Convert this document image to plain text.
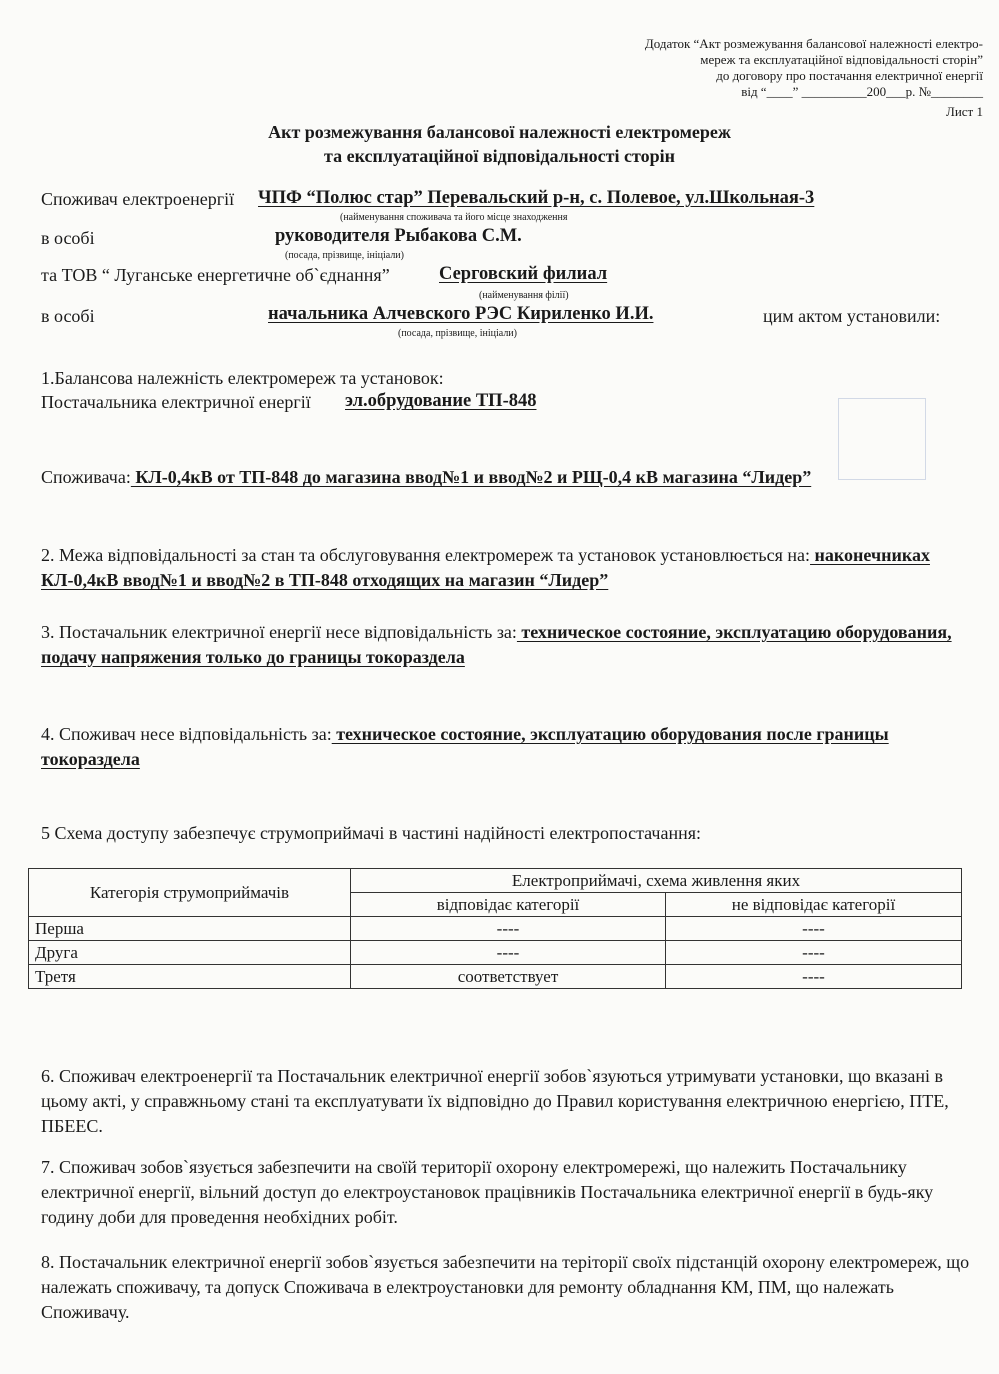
Додаток “Акт розмежування балансової належності електро-
мереж та експлуатаційної відповідальності сторін”
до договору про постачання електричної енергії
від “____” __________200___р. №________
Лист 1
Акт розмежування балансової належності електромереж
та експлуатаційної відповідальності сторін
Споживач електроенергії ЧПФ “Полюс стар” Перевальский р-н, с. Полевое, ул.Школьная-3
(найменування споживача та його місце знаходження
в особі	руководителя Рыбакова С.М.
(посада, прізвище, ініціали)
та ТОВ “ Луганське енергетичне об`єднання”	Серговский филиал
(найменування філії)
в особі	начальника Алчевского РЭС Кириленко И.И.	цим актом установили:
(посада, прізвище, ініціали)
1.Балансова належність електромереж та установок:
Постачальника електричної енергії эл.обрудование ТП-848
Споживача: КЛ-0,4кВ от ТП-848 до магазина ввод№1 и ввод№2 и РЩ-0,4 кВ магазина “Лидер”
2. Межа відповідальності за стан та обслуговування електромереж та установок установлюється на: наконечниках КЛ-0,4кВ ввод№1 и ввод№2 в ТП-848 отходящих на магазин “Лидер”
3. Постачальник електричної енергії несе відповідальність за: техническое состояние, эксплуатацию оборудования, подачу напряжения только до границы токораздела
4. Споживач несе відповідальність за: техническое состояние, эксплуатацию оборудования после границы токораздела
5 Схема доступу забезпечує струмоприймачі в частині надійності електропостачання:
Категорія струмоприймачів	Електроприймачі, схема живлення яких	
	відповідає категорії	не відповідає категорії
Перша	----	----
Друга	----	----
Третя	соответствует	----
6. Споживач електроенергії та Постачальник електричної енергії зобов`язуються утримувати установки, що вказані в цьому акті, у справжньому стані та експлуатувати їх відповідно до Правил користування електричною енергією, ПТЕ, ПБЕЕС.
7. Споживач зобов`язується забезпечити на своїй території охорону електромережі, що належить Постачальнику електричної енергії, вільний доступ до електроустановок працівників Постачальника електричної енергії в будь-яку годину доби для проведення необхідних робіт.
8. Постачальник електричної енергії зобов`язується забезпечити на теріторії своїх підстанцій охорону електромереж, що належать споживачу, та допуск Споживача в електроустановки для ремонту обладнання КМ, ПМ, що належать Споживачу.
